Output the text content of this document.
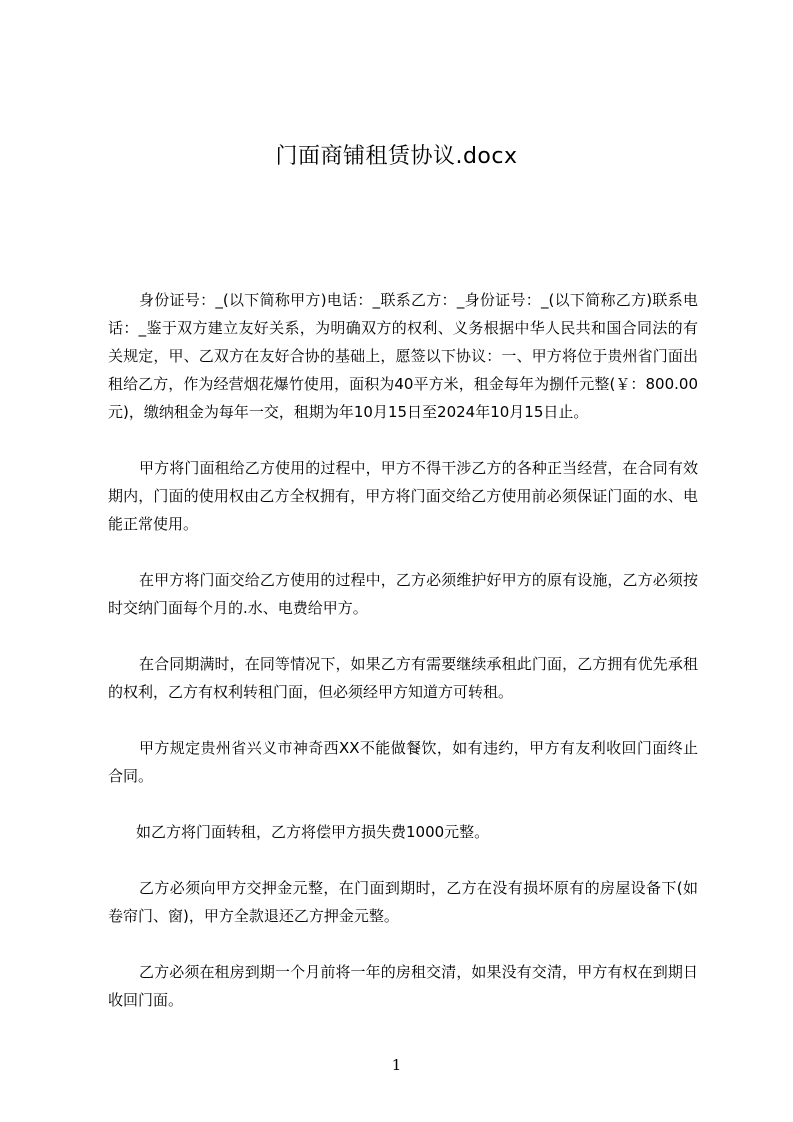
门面商铺租赁协议.docx

身份证号：_(以下简称甲方)电话：_联系乙方：_身份证号：_(以下简称乙方)联系电话：_鉴于双方建立友好关系，为明确双方的权利、义务根据中华人民共和国合同法的有关规定，甲、乙双方在友好合协的基础上，愿签以下协议：一、甲方将位于贵州省门面出租给乙方，作为经营烟花爆竹使用，面积为40平方米，租金每年为捌仟元整(￥：800.00元)，缴纳租金为每年一交，租期为年10月15日至2024年10月15日止。

甲方将门面租给乙方使用的过程中，甲方不得干涉乙方的各种正当经营，在合同有效期内，门面的使用权由乙方全权拥有，甲方将门面交给乙方使用前必须保证门面的水、电能正常使用。

在甲方将门面交给乙方使用的过程中，乙方必须维护好甲方的原有设施，乙方必须按时交纳门面每个月的.水、电费给甲方。

在合同期满时，在同等情况下，如果乙方有需要继续承租此门面，乙方拥有优先承租的权利，乙方有权利转租门面，但必须经甲方知道方可转租。

甲方规定贵州省兴义市神奇西XX不能做餐饮，如有违约，甲方有友利收回门面终止合同。

如乙方将门面转租，乙方将偿甲方损失费1000元整。

乙方必须向甲方交押金元整，在门面到期时，乙方在没有损坏原有的房屋设备下(如卷帘门、窗)，甲方全款退还乙方押金元整。

乙方必须在租房到期一个月前将一年的房租交清，如果没有交清，甲方有权在到期日收回门面。

1
